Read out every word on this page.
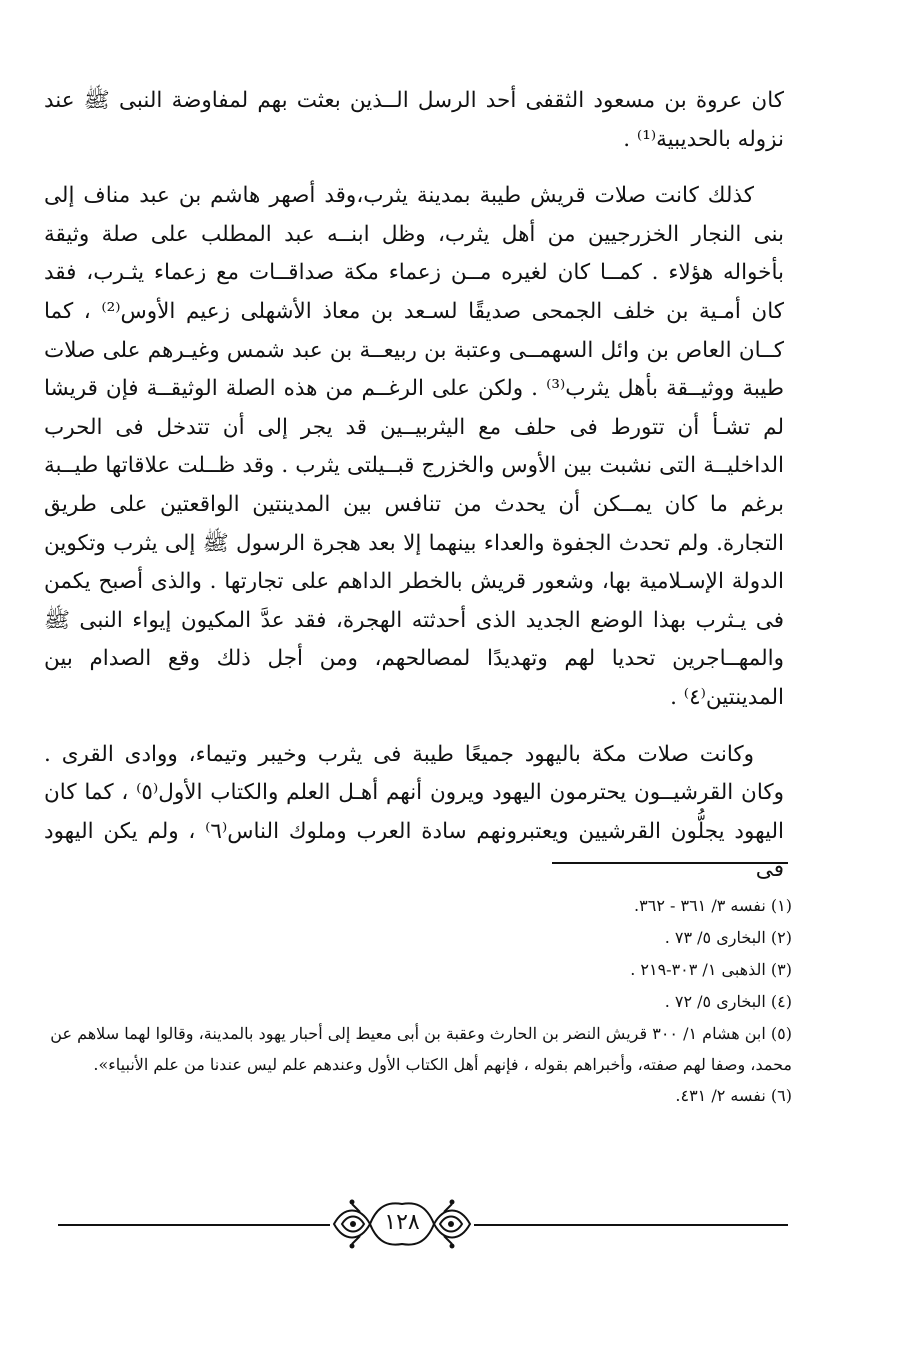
كان عروة بن مسعود الثقفى أحد الرسل الــذين بعثت بهم لمفاوضة النبى ﷺ عند نزوله بالحديبية⁽¹⁾ .

كذلك كانت صلات قريش طيبة بمدينة يثرب،وقد أصهر هاشم بن عبد مناف إلى بنى النجار الخزرجيين من أهل يثرب، وظل ابنــه عبد المطلب على صلة وثيقة بأخواله هؤلاء . كمــا كان لغيره مــن زعماء مكة صداقــات مع زعماء يثـرب، فقد كان أمـية بن خلف الجمحى صديقًا لسـعد بن معاذ الأشهلى زعيم الأوس⁽²⁾ ، كما كــان العاص بن وائل السهمــى وعتبة بن ربيعــة بن عبد شمس وغيـرهم على صلات طيبة ووثيــقة بأهل يثرب⁽³⁾ . ولكن على الرغــم من هذه الصلة الوثيقــة فإن قريشا لم تشـأ أن تتورط فى حلف مع اليثربيــين قد يجر إلى أن تتدخل فى الحرب الداخليــة التى نشبت بين الأوس والخزرج قبــيلتى يثرب . وقد ظــلت علاقاتها طيــبة برغم ما كان يمــكن أن يحدث من تنافس بين المدينتين الواقعتين على طريق التجارة. ولم تحدث الجفوة والعداء بينهما إلا بعد هجرة الرسول ﷺ إلى يثرب وتكوين الدولة الإسـلامية بها، وشعور قريش بالخطر الداهم على تجارتها . والذى أصبح يكمن فى يـثرب بهذا الوضع الجديد الذى أحدثته الهجرة، فقد عدَّ المكيون إيواء النبى ﷺ والمهــاجرين تحديا لهم وتهديدًا لمصالحهم، ومن أجل ذلك وقع الصدام بين المدينتين⁽٤⁾ .

وكانت صلات مكة باليهود جميعًا طيبة فى يثرب وخيبر وتيماء، ووادى القرى . وكان القرشيــون يحترمون اليهود ويرون أنهم أهـل العلم والكتاب الأول⁽٥⁾ ، كما كان اليهود يجلُّون القرشيين ويعتبرونهم سادة العرب وملوك الناس⁽٦⁾ ، ولم يكن اليهود فى

(١) نفسه ٣/ ٣٦١ - ٣٦٢.

(٢) البخارى ٥/ ٧٣ .

(٣) الذهبى ١/ ٣٠٣-٢١٩ .

(٤) البخارى ٥/ ٧٢ .

(٥) ابن هشام ١/ ٣٠٠ قريش النضر بن الحارث وعقبة بن أبى معيط إلى أحبار يهود بالمدينة، وقالوا لهما سلاهم عن محمد، وصفا لهم صفته، وأخبراهم بقوله ، فإنهم أهل الكتاب الأول وعندهم علم ليس عندنا من علم الأنبياء».

(٦) نفسه ٢/ ٤٣١.

١٢٨
